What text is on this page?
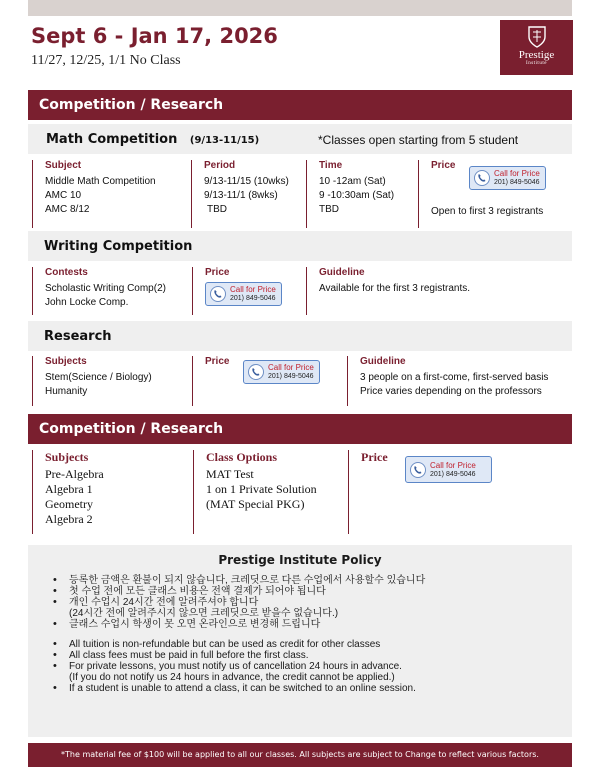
Sept 6 - Jan 17, 2026
11/27, 12/25, 1/1 No Class	Prestige
Institute
Competition / Research
Math Competition (9/13-11/15)	*Classes open starting from 5 student
Subject
Middle Math Competition
AMC 10
AMC 8/12
Period
9/13-11/15 (10wks)
9/13-11/1 (8wks)
TBD
Time
10 -12am (Sat)
9 -10:30am (Sat)
TBD
Price
Call for Price
201) 849-5046
Open to first 3 registrants
Writing Competition
Contests
Scholastic Writing Comp(2)
John Locke Comp.
Price
Call for Price
201) 849-5046
Guideline
Available for the first 3 registrants.
Research
Subjects
Stem(Science / Biology)
Humanity
Price
Call for Price
201) 849-5046
Guideline
3 people on a first-come, first-served basis
Price varies depending on the professors
Competition / Research
Subjects
Pre-Algebra
Algebra 1
Geometry
Algebra 2
Class Options
MAT Test
1 on 1 Private Solution
(MAT Special PKG)
Price
Call for Price
201) 849-5046
Prestige Institute Policy
• 등록한 금액은 환불이 되지 않습니다, 크레딧으로 다른 수업에서 사용할수 있습니다
• 첫 수업 전에 모든 클래스 비용은 전액 결제가 되어야 됩니다
• 개인 수업시 24시간 전에 알려주셔야 합니다
(24시간 전에 알려주시지 않으면 크레딧으로 받을수 없습니다.)
• 클래스 수업시 학생이 못 오면 온라인으로 변경해 드립니다
• All tuition is non-refundable but can be used as credit for other classes
• All class fees must be paid in full before the first class.
• For private lessons, you must notify us of cancellation 24 hours in advance.
(If you do not notify us 24 hours in advance, the credit cannot be applied.)
• If a student is unable to attend a class, it can be switched to an online session.
*The material fee of $100 will be applied to all our classes. All subjects are subject to Change to reflect various factors.
